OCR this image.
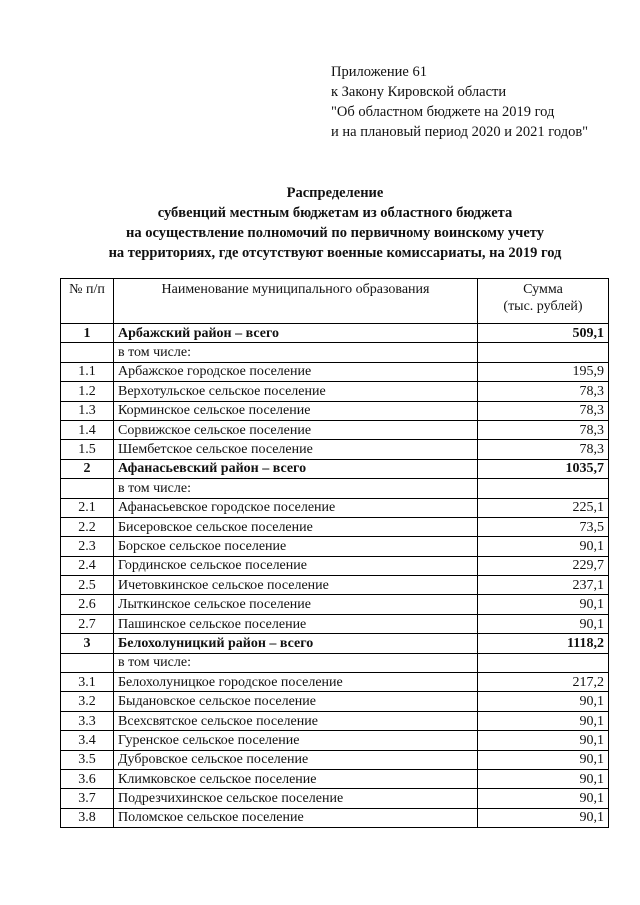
Приложение 61
к Закону Кировской области
"Об областном бюджете на 2019 год
и на плановый период 2020 и 2021 годов"
Распределение
субвенций местным бюджетам из областного бюджета
на осуществление полномочий по первичному воинскому учету
на территориях, где отсутствуют военные комиссариаты, на 2019 год
№ п/п	Наименование муниципального образования	Сумма
(тыс. рублей)

1	Арбажский район – всего	509,1
	в том числе:	
1.1	Арбажское городское поселение	195,9
1.2	Верхотульское сельское поселение	78,3
1.3	Корминское сельское поселение	78,3
1.4	Сорвижское сельское поселение	78,3
1.5	Шембетское сельское поселение	78,3
2	Афанасьевский район – всего	1035,7
	в том числе:	
2.1	Афанасьевское городское поселение	225,1
2.2	Бисеровское сельское поселение	73,5
2.3	Борское сельское поселение	90,1
2.4	Гординское сельское поселение	229,7
2.5	Ичетовкинское сельское поселение	237,1
2.6	Лыткинское сельское поселение	90,1
2.7	Пашинское сельское поселение	90,1
3	Белохолуницкий район – всего	1118,2
	в том числе:	
3.1	Белохолуницкое городское поселение	217,2
3.2	Быдановское сельское поселение	90,1
3.3	Всехсвятское сельское поселение	90,1
3.4	Гуренское сельское поселение	90,1
3.5	Дубровское сельское поселение	90,1
3.6	Климковское сельское поселение	90,1
3.7	Подрезчихинское сельское поселение	90,1
3.8	Поломское сельское поселение	90,1
